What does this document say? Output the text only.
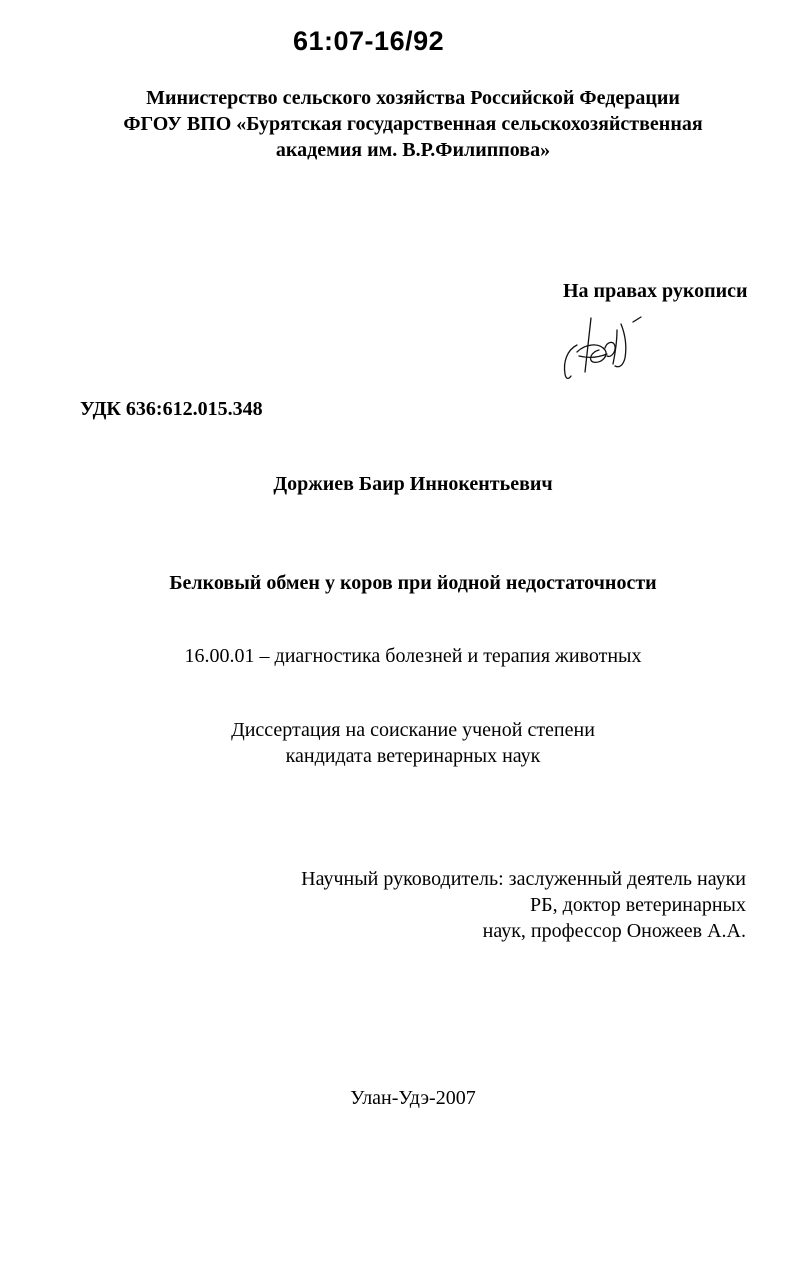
61:07-16/92
Министерство сельского хозяйства Российской Федерации
ФГОУ ВПО «Бурятская государственная сельскохозяйственная
академия им. В.Р.Филиппова»
На правах рукописи
УДК 636:612.015.348
Доржиев Баир Иннокентьевич
Белковый обмен у коров при йодной недостаточности
16.00.01 – диагностика болезней и терапия животных
Диссертация на соискание ученой степени
кандидата ветеринарных наук
Научный руководитель: заслуженный деятель науки
РБ, доктор ветеринарных
наук, профессор Оножеев А.А.
Улан-Удэ-2007
